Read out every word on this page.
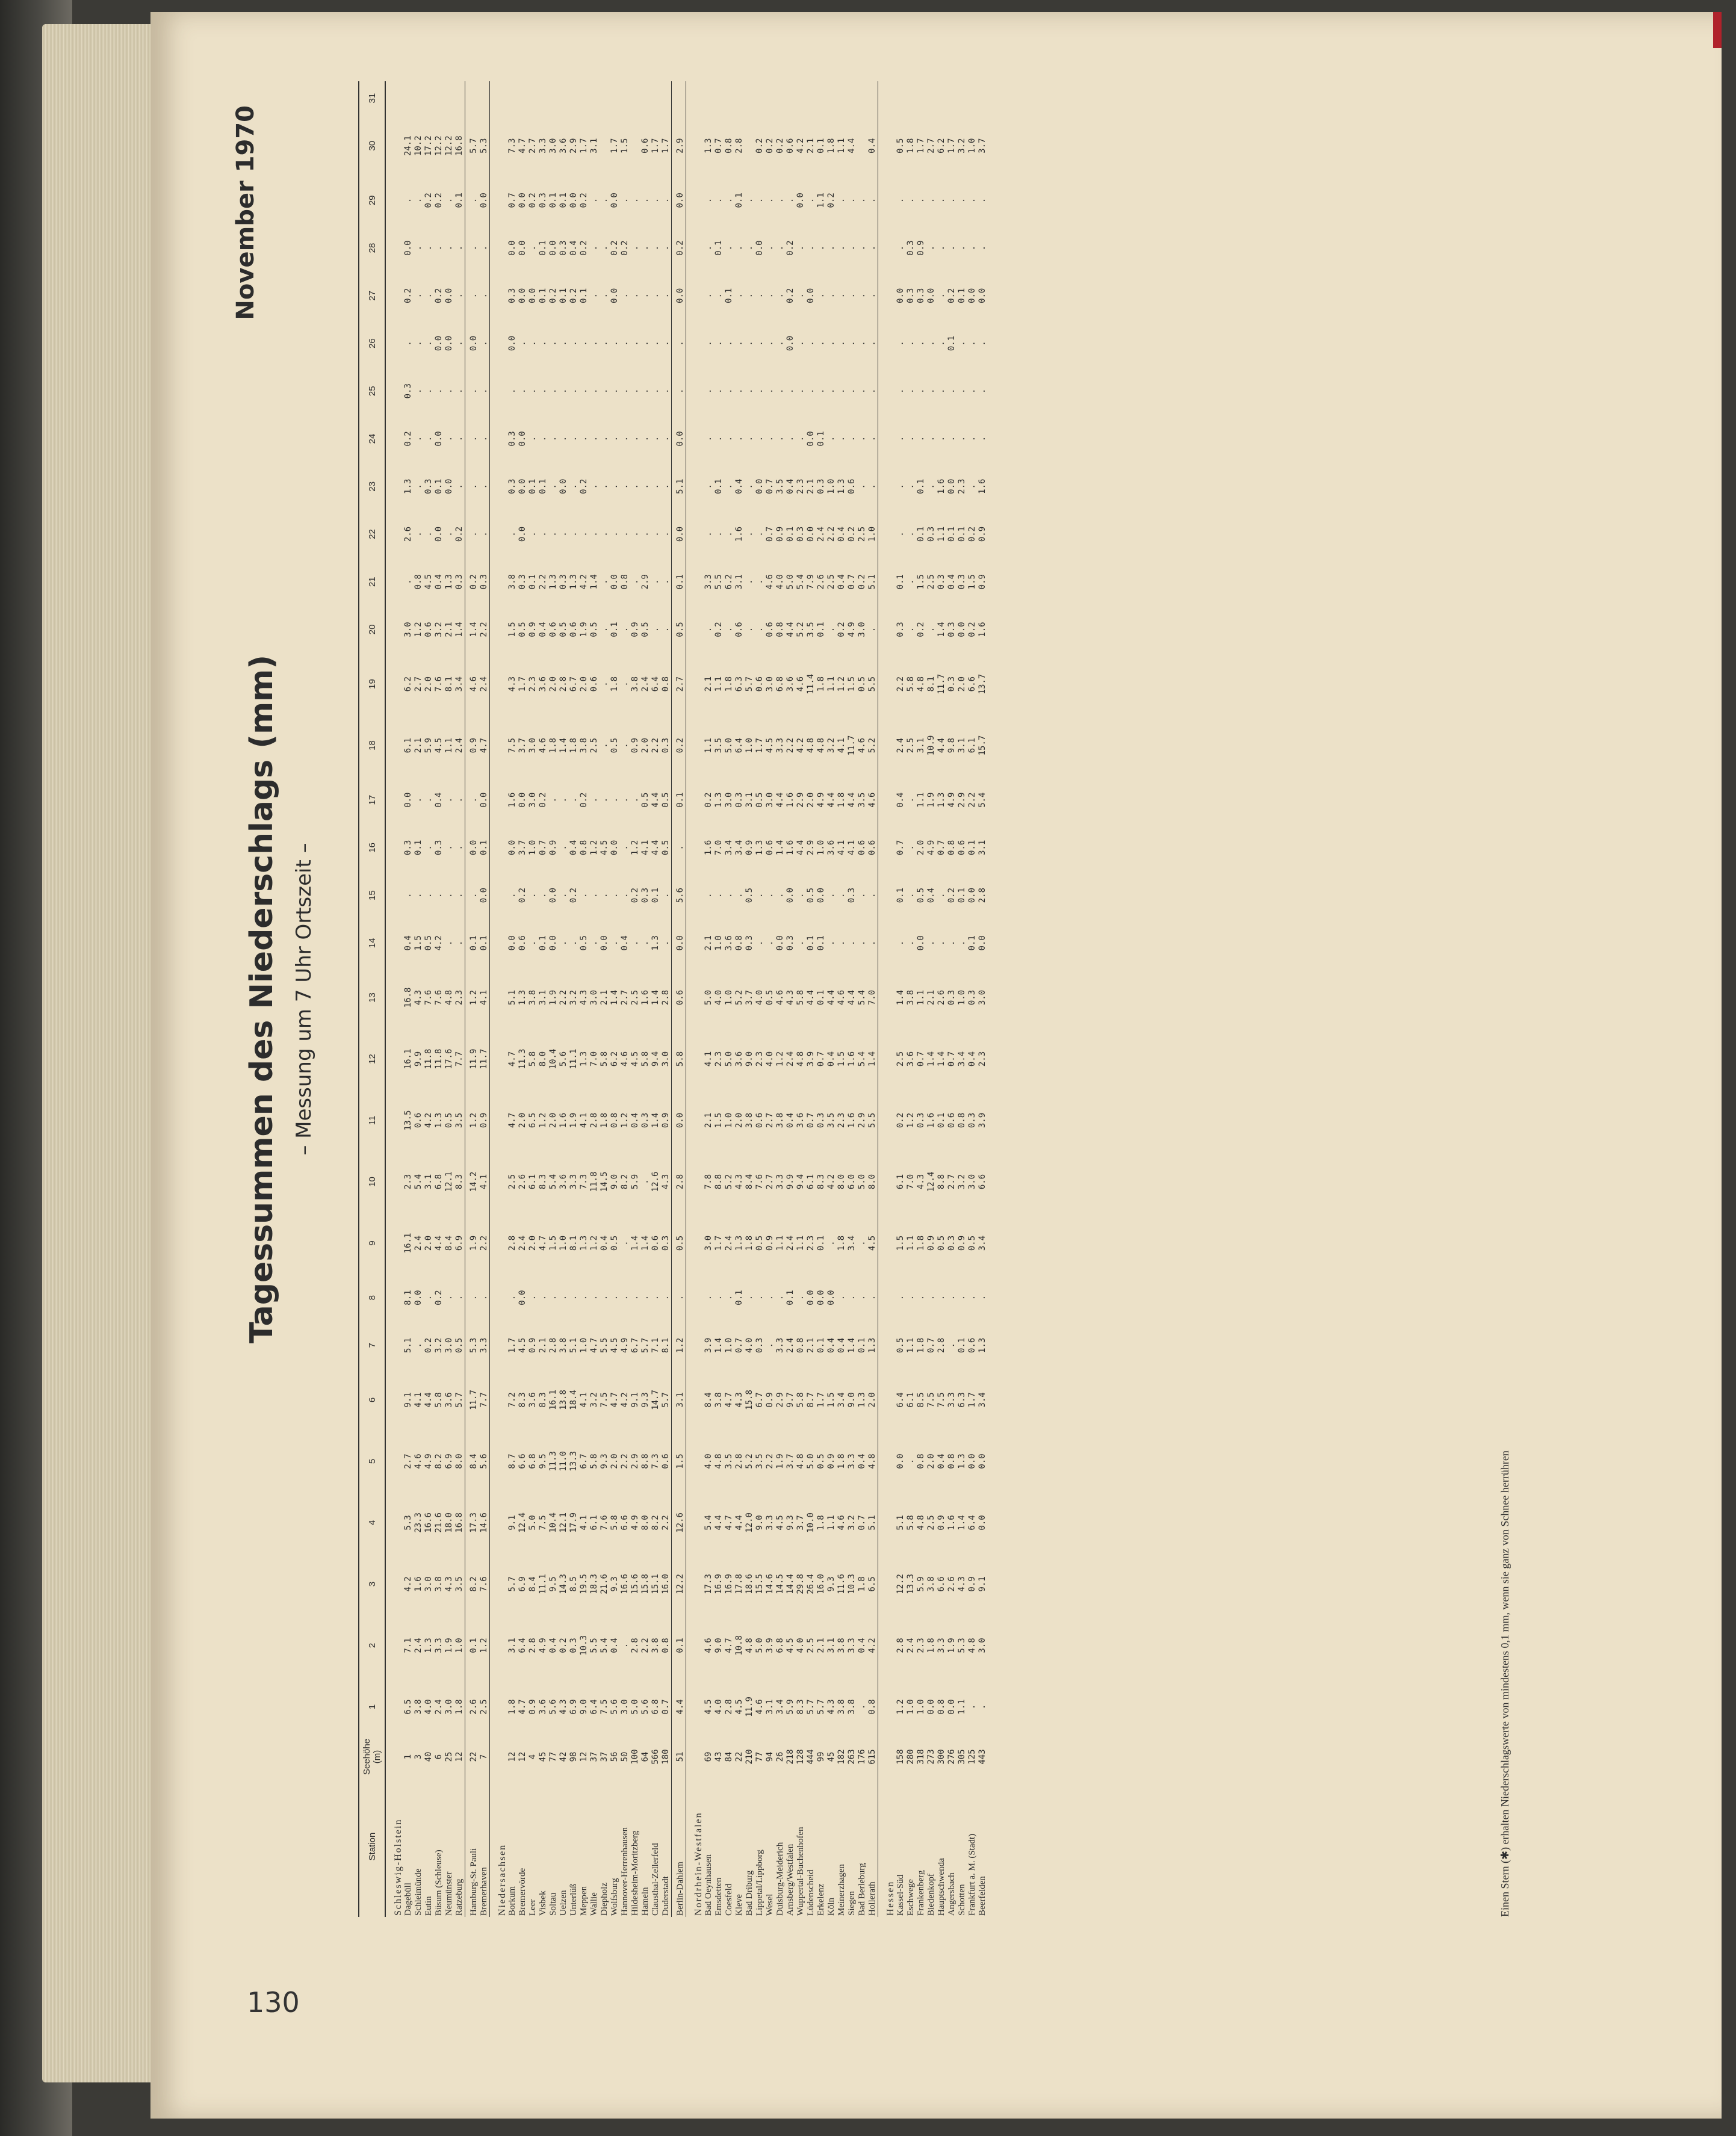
130
Tagessummen des Niederschlags (mm) – Messung um 7 Uhr Ortszeit –
November 1970
Station	Seehöhe (m)	1	2	3	4	5	6	7	8	9	10	11	12	13	14	15	16	17	18	19	20	21	22	23	24	25	26	27	28	29	30	31

Schleswig-Holstein																																
Dagebüll	1	6.5	7.1	4.2	5.3	2.7	9.1	5.1	8.1	16.1	2.3	13.5	16.1	16.8	0.4	.	0.3	0.0	6.1	6.2	3.0	.	2.6	1.3	0.2	0.3	.	0.2	0.0	.	24.1	
Schleimünde	3	3.8	2.4	1.6	23.3	4.6	4.1	.	0.0	2.4	5.4	0.6	9.9	4.3	1.5	.	0.1	.	2.1	2.7	1.2	0.8	.	.	.	.	.	.	.	.	10.2	
Eutin	40	4.0	1.3	3.0	16.6	4.9	4.4	0.2	.	2.0	3.1	4.2	11.8	7.6	0.5	.	.	.	5.9	2.0	0.6	4.5	.	0.3	.	.	.	.	.	0.2	17.2	
Büsum (Schleuse)	6	2.4	3.3	3.8	21.6	8.2	5.8	3.2	0.2	4.4	6.8	1.3	11.8	7.6	4.2	.	0.3	0.4	4.5	7.6	3.2	0.4	0.0	0.1	0.0	.	0.0	0.2	.	0.2	12.2	
Neumünster	25	3.0	1.9	4.3	18.0	6.9	3.6	3.0	.	8.4	12.1	0.5	17.6	4.8	.	.	.	.	1.1	8.1	2.1	1.3	.	0.0	.	.	0.0	0.0	.	.	12.2	
Ratzeburg	12	1.8	1.0	3.5	16.8	8.0	5.7	0.5	.	6.9	8.3	3.5	7.7	2.3	.	.	.	.	2.4	3.4	1.4	0.3	0.2	.	.	.	.	.	.	0.1	16.8	

Hamburg-St. Pauli	22	2.6	0.1	8.2	17.3	8.4	11.7	5.3	.	1.9	14.2	1.2	11.9	1.2	0.1	.	0.0	.	0.9	4.6	1.4	0.2	.	.	.	.	0.0	.	.	.	5.7	
Bremerhaven	7	2.5	1.2	7.6	14.6	5.6	7.7	3.3	.	2.2	4.1	0.9	11.7	4.1	0.1	0.0	0.1	0.0	4.7	2.4	2.2	0.3	.	.	.	.	.	.	.	0.0	5.3	

Niedersachsen																																
Borkum	12	1.8	3.1	5.7	9.1	8.7	7.2	1.7	.	2.8	2.5	4.7	4.7	5.1	0.0	.	0.0	1.6	7.5	4.3	1.5	3.8	.	0.3	0.3	.	0.0	0.3	0.0	0.7	7.3	
Bremervörde	12	4.7	6.4	6.9	12.4	6.6	8.3	4.5	0.0	2.4	2.6	2.0	11.3	1.3	0.6	0.2	3.7	0.0	3.7	1.7	0.5	0.3	0.0	0.0	0.0	.	.	0.0	0.0	0.0	4.7	
Leer	4	0.9	2.8	8.4	5.0	6.8	3.6	0.9	.	2.0	6.1	6.5	5.8	3.8	.	.	1.0	3.0	3.0	2.3	0.9	0.1	.	0.1	.	.	.	0.0	.	0.2	2.7	
Visbek	45	3.6	4.9	11.1	7.5	9.5	8.3	2.1	.	4.7	8.3	1.2	8.0	3.1	0.1	.	0.7	0.2	4.6	3.6	0.4	2.2	.	0.1	.	.	.	0.1	0.1	0.3	3.3	
Soltau	77	5.6	0.4	9.5	10.4	11.3	16.1	2.8	.	1.5	5.4	2.0	10.4	1.9	0.0	0.0	0.9	.	1.8	2.0	0.6	1.3	.	.	.	.	.	0.2	0.0	0.1	3.0	
Uelzen	42	4.3	0.2	14.3	12.1	11.0	13.8	3.8	.	1.0	3.6	1.6	5.6	2.2	.	.	.	.	1.4	2.8	0.5	0.3	.	0.0	.	.	.	0.1	0.3	0.1	3.6	
Unterlüß	98	6.9	0.3	8.5	17.9	13.3	18.4	5.1	.	8.1	3.3	1.9	11.1	3.2	.	0.2	0.4	.	1.8	6.7	0.6	1.3	.	.	.	.	.	0.2	0.4	0.0	2.9	
Meppen	12	9.0	10.3	19.5	4.1	6.7	4.1	1.0	.	1.3	7.3	4.1	1.3	4.3	0.5	.	0.8	0.2	3.8	2.0	1.9	4.2	.	0.2	.	.	.	0.1	0.2	0.2	1.7	
Wallie	37	6.4	5.5	18.3	6.1	5.8	3.2	4.7	.	1.2	11.8	2.8	7.0	3.0	.	.	1.2	.	2.5	0.6	0.5	1.4	.	.	.	.	.	.	.	.	3.1	
Diepholz	37	7.5	5.4	21.6	7.6	9.3	7.5	5.5	.	0.4	14.5	1.8	5.8	2.1	0.0	.	4.5	.	.	.	.	.	.	.	.	.	.	.	.	.		
Wolfsburg	56	5.6	0.4	9.3	5.8	2.0	4.7	4.5	.	0.5	9.0	0.8	6.2	1.4	.	.	0.0	.	0.5	1.8	0.1	0.0	.	.	.	.	.	0.0	0.2	0.0	1.7	
Hannover-Herrenhausen	50	3.0	.	16.6	6.6	2.2	4.2	4.9	.	.	8.2	1.2	4.6	2.7	0.4	.	.	.	.	.	.	0.8	.	.	.	.	.	.	0.2	.	1.5	
Hildesheim-Moritzberg	100	5.0	2.8	15.6	4.9	2.9	9.1	6.7	.	1.4	5.9	0.4	4.5	2.5	.	0.2	1.2	.	0.9	3.8	0.9	.	.	.	.	.	.	.	.	.		
Hameln	64	5.6	2.2	15.8	8.0	8.8	9.3	5.7	.	1.4	.	0.3	5.8	1.6	.	0.3	4.1	0.5	2.0	2.4	0.5	2.9	.	.	.	.	.	.	.	.	0.6	
Clausthal-Zellerfeld	566	6.8	3.8	15.1	8.2	7.3	14.7	7.1	.	0.6	12.6	1.4	9.4	1.4	1.3	0.1	4.4	4.4	2.2	6.4	.	.	.	.	.	.	.	.	.	.	1.7	
Duderstadt	180	0.7	0.8	16.0	2.2	0.6	5.7	8.1	.	0.3	4.3	0.9	3.0	2.8	.	.	0.5	0.5	0.3	0.8	.	.	.	.	.	.	.	.	.	.	1.7	

Berlin-Dahlem	51	4.4	0.1	12.2	12.6	1.5	3.1	1.2	.	0.5	2.8	0.0	5.8	0.6	0.0	5.6	.	0.1	0.2	2.7	0.5	0.1	0.0	5.1	0.0	.	.	0.0	0.2	0.0	2.9	

Nordrhein-Westfalen																																
Bad Oeynhausen	69	4.5	4.6	17.3	5.4	4.0	8.4	3.9	.	3.0	7.8	2.1	4.1	5.0	2.1	.	1.6	0.2	1.1	2.1	.	3.3	.	.	.	.	.	.	.	.	1.3	
Emsdetten	43	4.0	9.0	16.9	4.4	4.8	3.8	1.4	.	1.7	8.8	1.5	2.3	4.0	1.0	.	7.0	1.3	3.5	1.1	0.2	5.5	.	0.1	.	.	.	.	0.1	.	0.7	
Coesfeld	84	2.8	4.7	16.9	4.7	3.5	4.7	1.0	.	2.4	5.2	1.0	5.0	1.0	3.6	.	3.4	3.0	5.0	1.8	.	6.2	.	.	.	.	.	0.1	.	.	0.8	
Kleve	22	4.5	10.8	17.8	4.4	2.8	4.3	0.7	0.1	1.3	4.3	2.0	3.6	5.2	0.8	.	3.4	0.3	6.4	6.3	0.6	3.1	1.6	0.4	.	.	.	.	.	0.1	2.8	
Bad Driburg	210	11.9	4.8	18.6	12.0	5.2	15.8	4.0	.	1.8	8.4	3.8	9.0	3.7	0.3	0.5	0.9	3.1	1.0	5.7	.	.	.	.	.	.	.	.	.	.		
Lippetal/Lippborg	77	4.6	5.0	15.5	9.0	3.5	6.7	0.3	.	0.5	7.6	0.6	2.3	4.0	.	.	1.3	0.5	1.7	0.6	.	.	.	0.0	.	.	.	.	0.0	.	0.2	
Wesel	94	3.1	3.9	14.6	3.3	2.2	0.9	.	.	0.9	2.7	2.7	4.0	0.5	.	.	0.6	3.0	4.5	3.0	0.6	4.6	0.7	0.7	.	.	.	.	.	.	0.2	
Duisburg-Meiderich	26	3.4	6.8	14.5	4.5	1.9	2.9	3.3	.	1.1	3.3	3.8	1.2	4.6	0.0	.	1.4	4.4	3.3	6.8	0.8	4.0	0.9	3.5	.	.	.	.	.	.	0.2	
Arnsberg/Westfalen	218	5.9	4.5	14.4	9.3	3.7	9.7	2.4	0.1	2.4	9.9	0.4	2.4	4.3	0.3	0.0	1.6	1.6	2.2	3.6	4.4	5.0	0.1	0.4	.	.	0.0	0.2	0.2	.	0.6	
Wuppertal-Buchenhofen	128	8.3	4.0	29.8	3.7	4.8	5.8	0.8	.	1.1	9.4	3.6	4.8	5.8	.	.	4.4	2.9	4.2	4.6	5.2	5.4	0.3	2.3	.	.	.	.	.	0.0	4.2	
Lüdenscheid	444	5.7	2.5	26.4	10.0	5.0	8.7	2.1	0.0	2.3	6.1	0.7	3.9	4.4	0.1	0.5	2.9	2.0	4.8	11.4	3.5	7.9	0.0	2.1	0.0	.	.	0.0	.	.	2.1	
Erkelenz	99	5.7	2.1	16.0	1.8	0.5	1.7	0.1	0.0	0.1	8.3	0.3	0.7	0.1	0.1	0.0	1.0	4.9	4.8	1.8	0.1	2.6	2.4	0.3	0.1	.	.	.	.	1.1	0.1	
Köln	45	4.3	3.1	9.3	1.1	0.9	1.5	0.4	0.0	.	4.2	3.5	0.4	4.4	.	.	3.6	4.4	3.2	1.1	.	2.5	2.2	1.0	.	.	.	.	.	0.2	1.8	
Meinerzhagen	182	3.8	3.8	11.6	4.6	1.8	3.4	0.4	.	1.8	8.0	2.3	1.5	4.6	.	.	4.1	1.8	4.1	1.2	0.2	0.4	0.4	1.3	.	.	.	.	.	.	1.1	
Siegen	263	3.8	3.3	10.3	3.2	3.3	9.0	1.4	.	3.4	6.0	1.6	1.6	4.4	.	0.3	4.1	4.4	11.7	1.5	4.9	0.7	0.2	0.6	.	.	.	.	.	.	4.4	
Bad Berleburg	176	.	0.4	1.8	0.7	0.4	1.3	0.1	.	.	5.0	2.9	5.4	5.4	.	.	0.6	3.5	4.6	0.5	3.0	0.2	2.5	.	.	.	.	.	.	.		
Hollerath	615	0.8	4.2	6.5	5.1	4.8	2.0	1.3	.	4.5	8.0	5.5	1.4	7.0	.	.	0.6	4.6	5.2	5.5	.	5.1	1.0	.	.	.	.	.	.	.	0.4	

Hessen																																
Kassel-Süd	158	1.2	2.8	12.2	5.1	0.0	6.4	0.5	.	1.5	6.1	0.2	2.5	1.4	.	0.1	0.7	0.4	2.4	2.2	0.3	0.1	.	.	.	.	.	0.0	.	.	0.5	
Eschwege	280	1.0	2.4	13.3	5.8	.	6.1	1.1	.	1.1	7.0	1.2	3.6	3.8	.	.	.	.	2.5	5.8	.	.	.	.	.	.	.	0.3	0.3	.	1.8	
Frankenberg	318	1.0	2.3	5.9	4.8	0.8	8.5	1.8	.	1.8	4.3	0.3	0.7	1.1	0.0	0.5	2.0	1.1	3.1	4.8	0.2	1.5	0.1	0.1	.	.	.	0.3	0.9	.	1.7	
Biedenkopf	273	0.0	1.8	3.8	2.5	2.0	7.5	0.7	.	0.9	12.4	1.6	1.4	2.1	.	0.4	4.9	1.9	10.9	8.1	.	2.5	0.3	.	.	.	.	0.0	.	.	2.7	
Hauptschwenda	300	0.8	3.3	6.6	0.9	0.4	7.5	2.8	.	0.5	8.8	0.1	1.4	2.6	.	.	0.7	1.3	4.4	11.7	1.4	0.3	1.1	1.6	.	.	.	.	.	.	6.2	
Angersbach	276	0.0	1.9	2.6	1.6	0.8	3.3	.	.	0.3	2.7	0.6	0.7	0.3	.	0.2	0.8	4.9	9.8	0.3	0.3	0.4	0.1	0.0	.	.	0.1	0.2	.	.	1.7	
Schotten	305	1.1	5.3	4.3	1.4	1.3	6.3	0.1	.	0.9	3.2	0.8	3.4	1.0	.	0.1	0.6	2.9	3.1	2.0	0.0	0.3	0.1	2.3	.	.	.	0.1	.	.	3.2	
Frankfurt a. M. (Stadt)	125	.	4.8	0.9	6.4	0.0	1.7	0.6	.	0.5	3.0	0.3	0.4	0.3	0.1	0.0	0.1	2.2	6.1	6.6	0.2	1.5	0.2	.	.	.	.	0.0	.	.	1.0	
Beerfelden	443	.	3.0	9.1	0.0	0.0	3.4	1.3	.	3.4	6.6	3.9	2.3	3.0	0.0	2.8	3.1	5.4	15.7	13.7	1.6	0.9	0.9	1.6	.	.	.	0.0	.	.	3.7	
Einen Stern (✱) erhalten Niederschlagswerte von mindestens 0,1 mm, wenn sie ganz von Schnee herrühren
